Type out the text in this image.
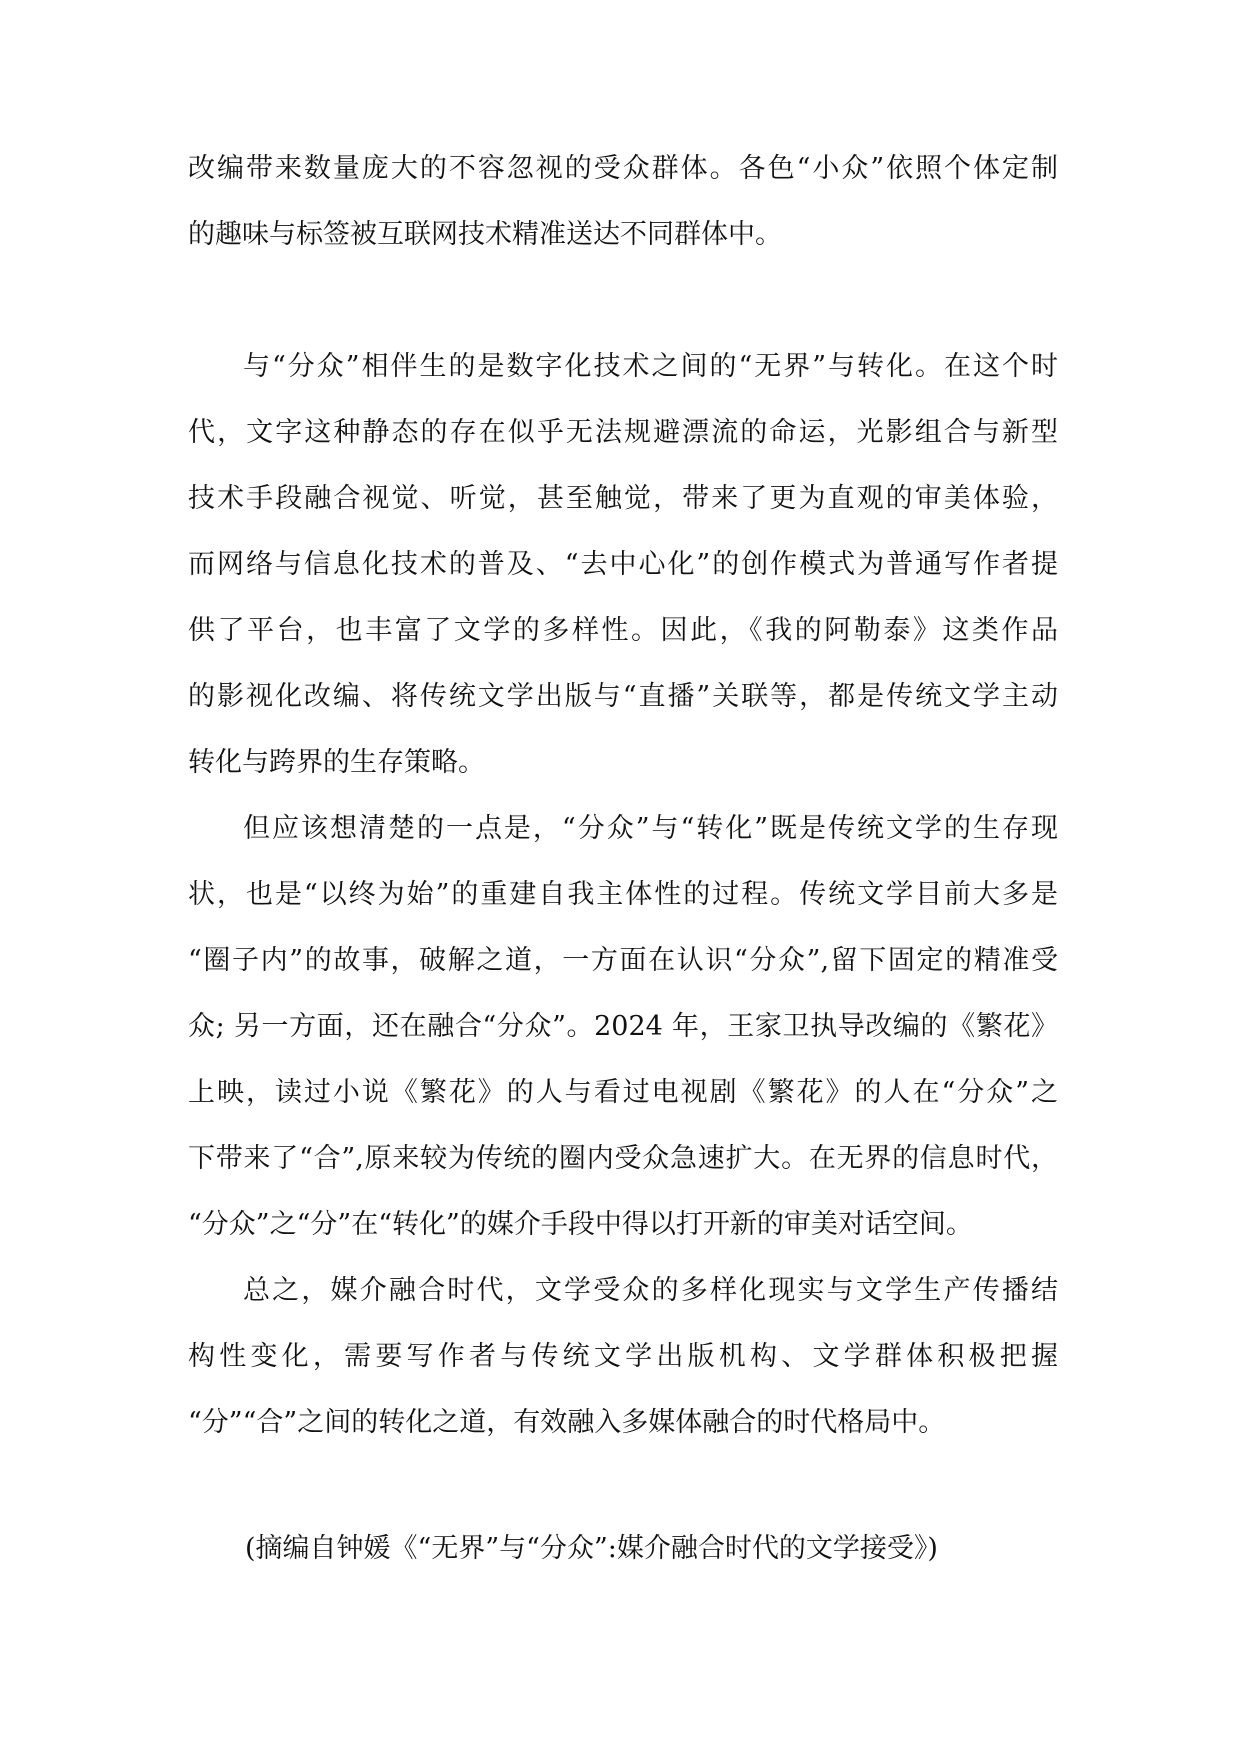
改编带来数量庞大的不容忽视的受众群体。各色“小众”依照个体定制
的趣味与标签被互联网技术精准送达不同群体中。
与“分众”相伴生的是数字化技术之间的“无界”与转化。在这个时
代，文字这种静态的存在似乎无法规避漂流的命运，光影组合与新型
技术手段融合视觉、听觉，甚至触觉，带来了更为直观的审美体验，
而网络与信息化技术的普及、“去中心化”的创作模式为普通写作者提
供了平台，也丰富了文学的多样性。因此，《我的阿勒泰》这类作品
的影视化改编、将传统文学出版与“直播”关联等，都是传统文学主动
转化与跨界的生存策略。
但应该想清楚的一点是，“分众”与“转化”既是传统文学的生存现
状，也是“以终为始”的重建自我主体性的过程。传统文学目前大多是
“圈子内”的故事，破解之道，一方面在认识“分众”,留下固定的精准受
众; 另一方面，还在融合“分众”。2024 年，王家卫执导改编的《繁花》
上映，读过小说《繁花》的人与看过电视剧《繁花》的人在“分众”之
下带来了“合”,原来较为传统的圈内受众急速扩大。在无界的信息时代，
“分众”之“分”在“转化”的媒介手段中得以打开新的审美对话空间。
总之，媒介融合时代，文学受众的多样化现实与文学生产传播结
构性变化，需要写作者与传统文学出版机构、文学群体积极把握
“分”“合”之间的转化之道，有效融入多媒体融合的时代格局中。
(摘编自钟媛《“无界”与“分众”:媒介融合时代的文学接受》)
